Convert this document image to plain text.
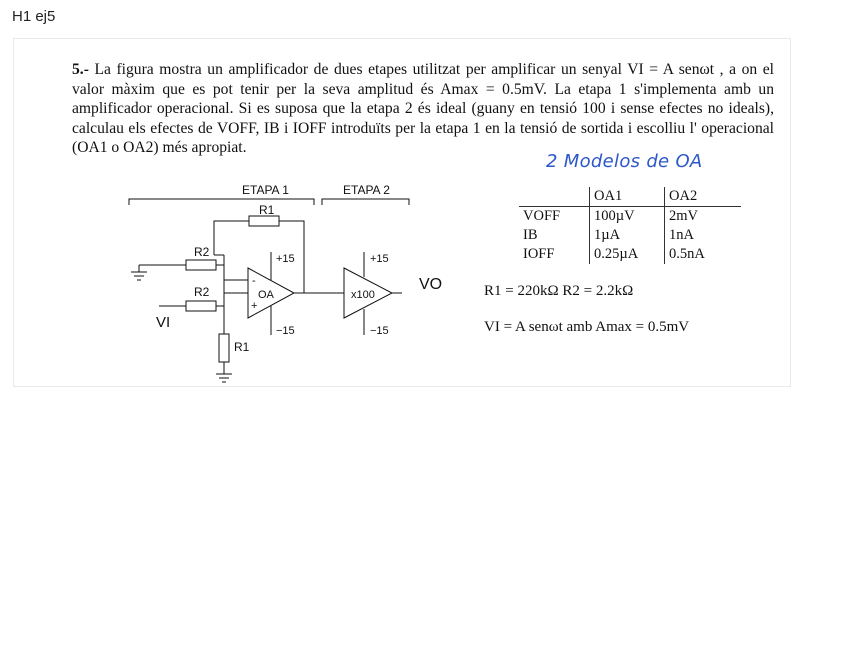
H1 ej5
5.- La figura mostra un amplificador de dues etapes utilitzat per amplificar un senyal VI = A senωt , a on el valor màxim que es pot tenir per la seva amplitud és Amax = 0.5mV. La etapa 1 s'implementa amb un amplificador operacional. Si es suposa que la etapa 2 és ideal (guany en tensió 100 i sense efectes no ideals), calculau els efectes de VOFF, IB i IOFF introduïts per la etapa 1 en la tensió de sortida i escolliu l' operacional (OA1 o OA2) més apropiat.
2 Modelos de OA
ETAPA 1	ETAPA 2
R1
R2
R2
R1
VI
OA
-
+
+15
−15
+15
−15
x100
VO
	OA1	OA2
VOFF	100µV	2mV
IB	1µA	1nA
IOFF	0.25µA	0.5nA
R1 = 220kΩ R2 = 2.2kΩ
VI = A senωt amb Amax = 0.5mV
